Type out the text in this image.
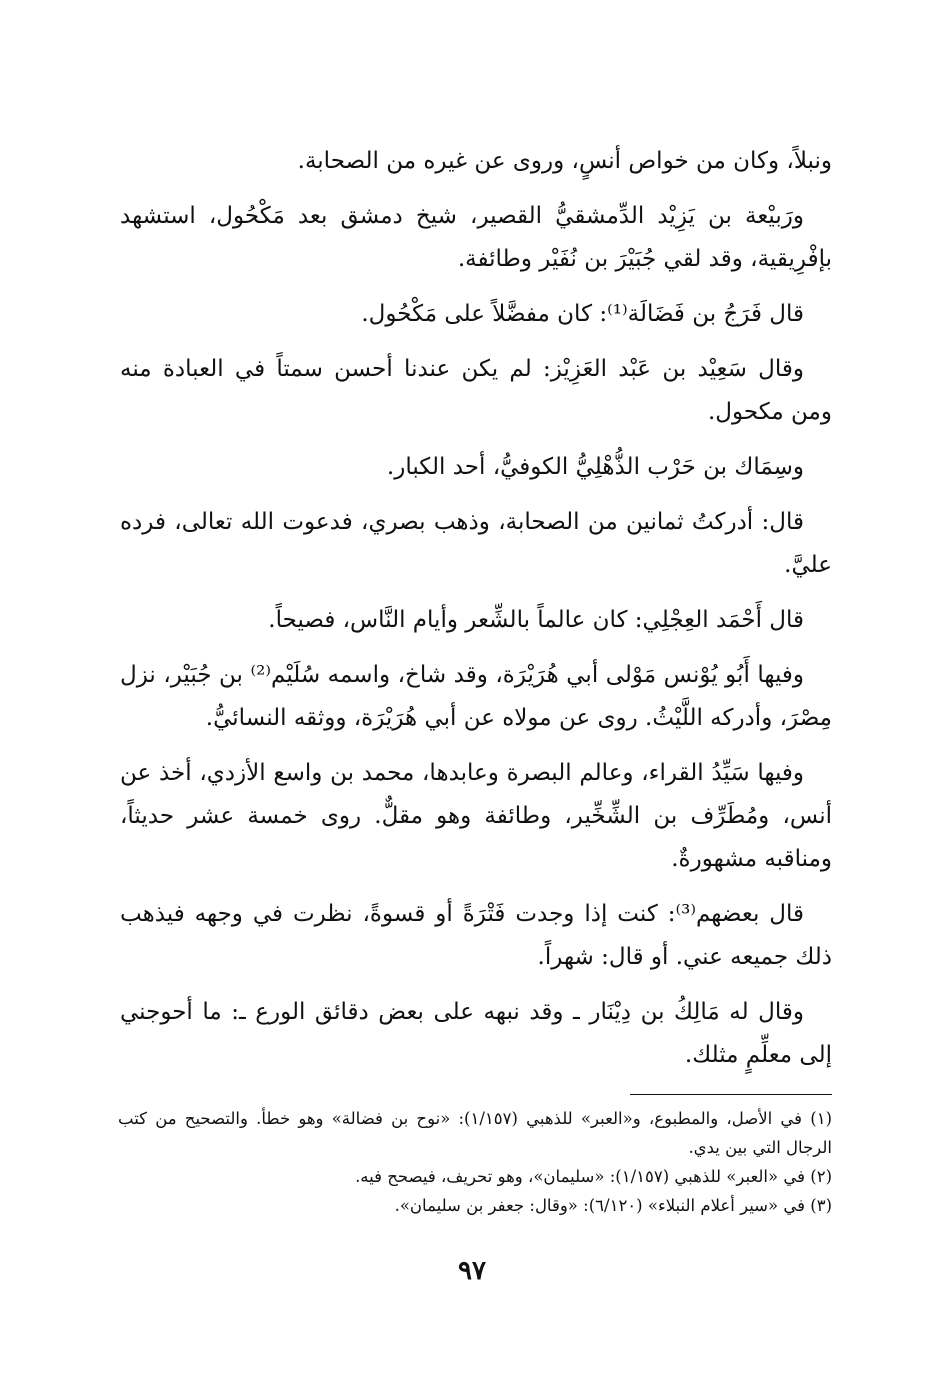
ونبلاً، وكان من خواص أنسٍ، وروى عن غيره من الصحابة.

ورَبيْعة بن يَزِيْد الدِّمشقيُّ القصير، شيخ دمشق بعد مَكْحُول، استشهد بإفْرِيقية، وقد لقي جُبَيْرَ بن نُفَيْر وطائفة.

قال فَرَجُ بن فَضَالَة⁽¹⁾: كان مفضَّلاً على مَكْحُول.

وقال سَعِيْد بن عَبْد العَزِيْز: لم يكن عندنا أحسن سمتاً في العبادة منه ومن مكحول.

وسِمَاك بن حَرْب الذُّهْلِيُّ الكوفيُّ، أحد الكبار.

قال: أدركتُ ثمانين من الصحابة، وذهب بصري، فدعوت الله تعالى، فرده عليَّ.

قال أَحْمَد العِجْلِي: كان عالماً بالشِّعر وأيام النَّاس، فصيحاً.

وفيها أَبُو يُوْنس مَوْلى أبي هُرَيْرَة، وقد شاخ، واسمه سُلَيْم⁽²⁾ بن جُبَيْر، نزل مِصْرَ، وأدركه اللَّيْثُ. روى عن مولاه عن أبي هُرَيْرَة، ووثقه النسائيُّ.

وفيها سَيِّدُ القراء، وعالم البصرة وعابدها، محمد بن واسع الأزدي، أخذ عن أنس، ومُطَرِّف بن الشِّخِّير، وطائفة وهو مقلٌّ. روى خمسة عشر حديثاً، ومناقبه مشهورةٌ.

قال بعضهم⁽³⁾: كنت إذا وجدت فَتْرَةً أو قسوةً، نظرت في وجهه فيذهب ذلك جميعه عني. أو قال: شهراً.

وقال له مَالِكُ بن دِيْنَار ـ وقد نبهه على بعض دقائق الورع ـ: ما أحوجني إلى معلِّمٍ مثلك.

(١) في الأصل، والمطبوع، و«العبر» للذهبي (١/١٥٧): «نوح بن فضالة» وهو خطأ. والتصحيح من كتب الرجال التي بين يدي.

(٢) في «العبر» للذهبي (١/١٥٧): «سليمان»، وهو تحريف، فيصحح فيه.

(٣) في «سير أعلام النبلاء» (٦/١٢٠): «وقال: جعفر بن سليمان».

٩٧
